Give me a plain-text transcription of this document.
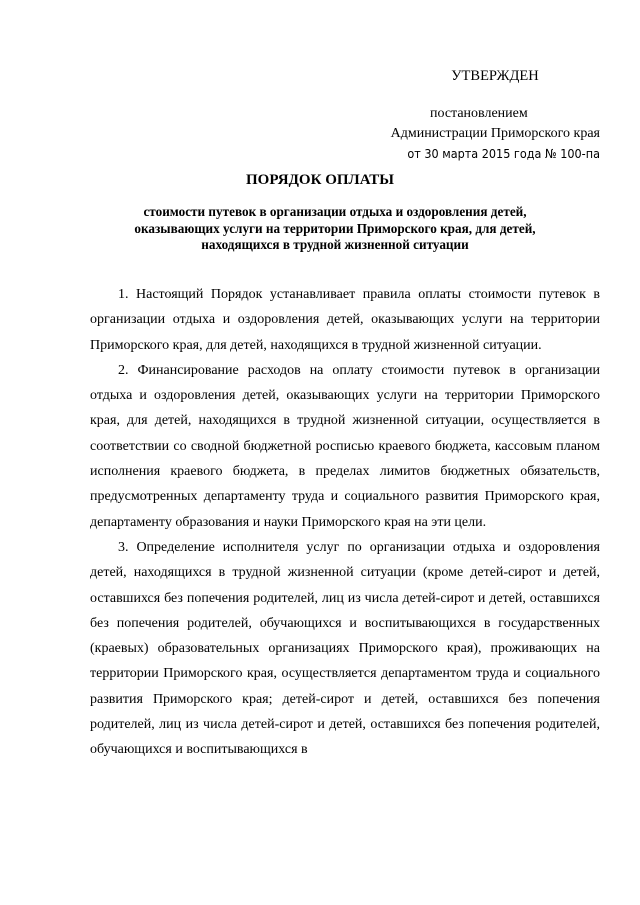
УТВЕРЖДЕН
постановлением
Администрации Приморского края
от 30 марта 2015 года № 100-па
ПОРЯДОК ОПЛАТЫ
стоимости путевок в организации отдыха и оздоровления детей, оказывающих услуги на территории Приморского края, для детей, находящихся в трудной жизненной ситуации

1. Настоящий Порядок устанавливает правила оплаты стоимости путевок в организации отдыха и оздоровления детей, оказывающих услуги на территории Приморского края, для детей, находящихся в трудной жизненной ситуации.

2. Финансирование расходов на оплату стоимости путевок в организации отдыха и оздоровления детей, оказывающих услуги на территории Приморского края, для детей, находящихся в трудной жизненной ситуации, осуществляется в соответствии со сводной бюджетной росписью краевого бюджета, кассовым планом исполнения краевого бюджета, в пределах лимитов бюджетных обязательств, предусмотренных департаменту труда и социального развития Приморского края, департаменту образования и науки Приморского края на эти цели.

3. Определение исполнителя услуг по организации отдыха и оздоровления детей, находящихся в трудной жизненной ситуации (кроме детей-сирот и детей, оставшихся без попечения родителей, лиц из числа детей-сирот и детей, оставшихся без попечения родителей, обучающихся и воспитывающихся в государственных (краевых) образовательных организациях Приморского края), проживающих на территории Приморского края, осуществляется департаментом труда и социального развития Приморского края; детей-сирот и детей, оставшихся без попечения родителей, лиц из числа детей-сирот и детей, оставшихся без попечения родителей, обучающихся и воспитывающихся в
